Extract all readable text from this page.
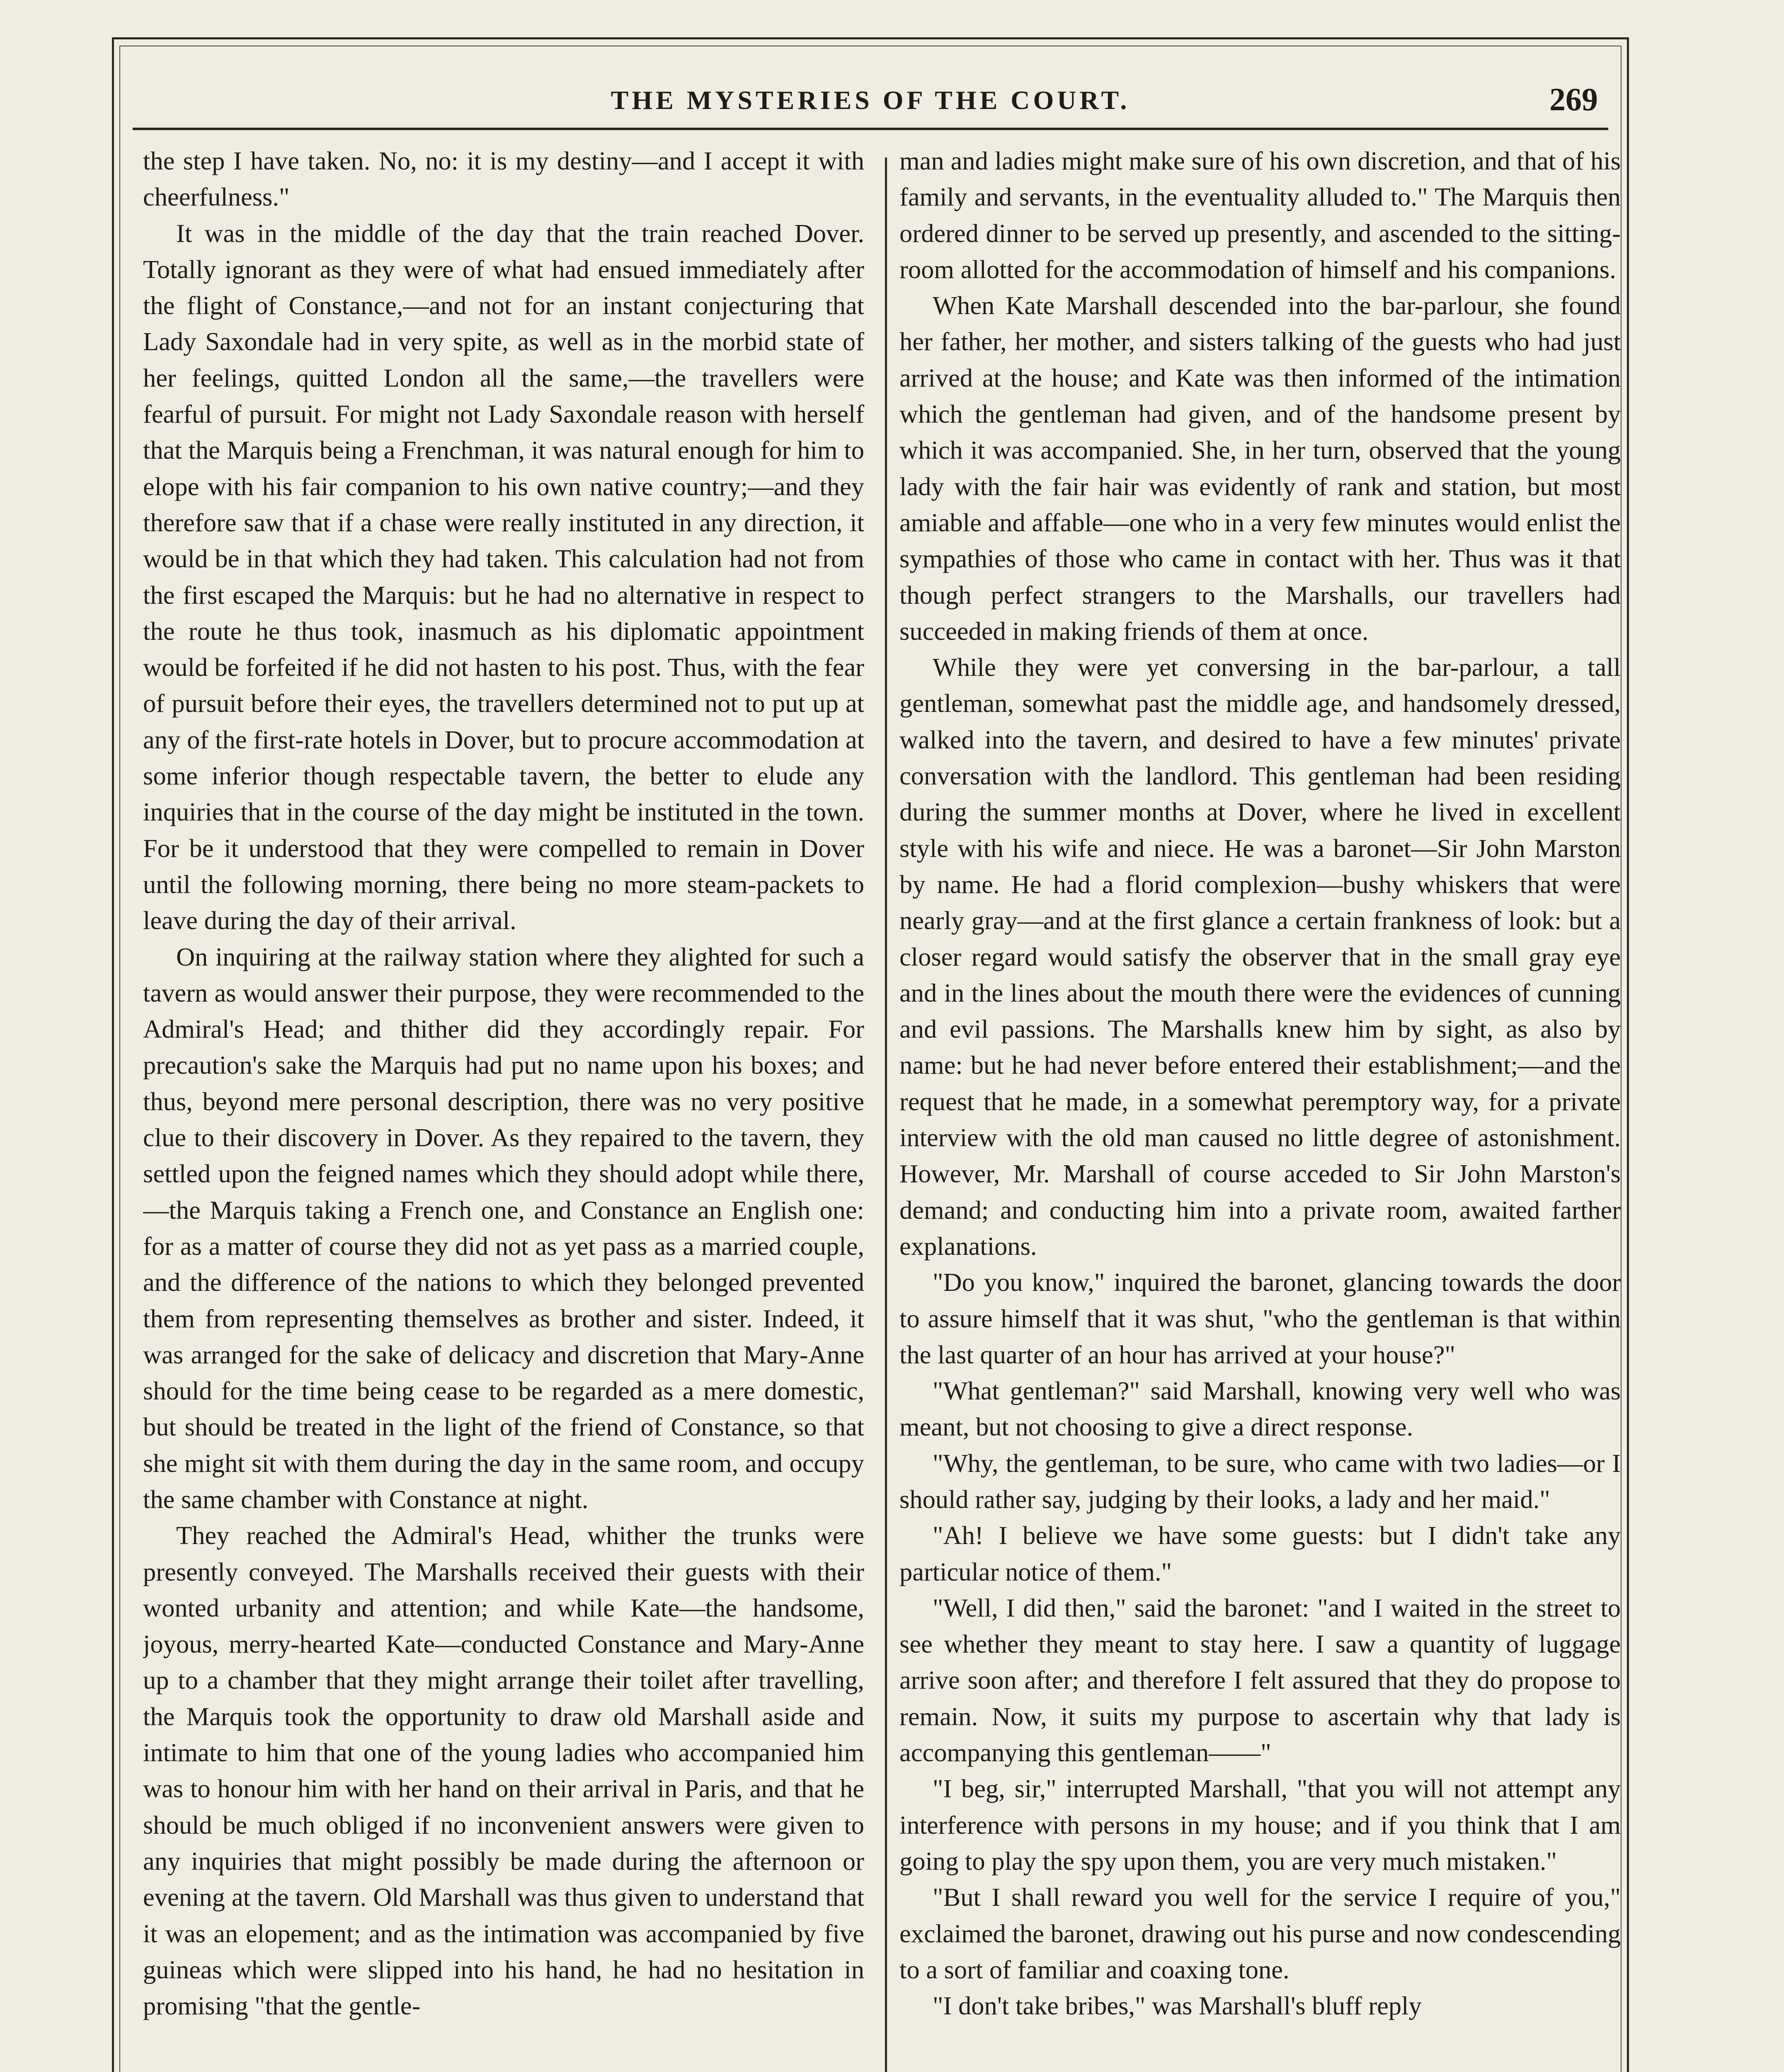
THE MYSTERIES OF THE COURT.	269

the step I have taken. No, no: it is my destiny—and I accept it with cheerfulness."

It was in the middle of the day that the train reached Dover. Totally ignorant as they were of what had ensued immediately after the flight of Constance,—and not for an instant conjecturing that Lady Saxondale had in very spite, as well as in the morbid state of her feelings, quitted London all the same,—the travellers were fearful of pursuit. For might not Lady Saxondale reason with herself that the Marquis being a Frenchman, it was natural enough for him to elope with his fair companion to his own native country;—and they therefore saw that if a chase were really instituted in any direction, it would be in that which they had taken. This calculation had not from the first escaped the Marquis: but he had no alternative in respect to the route he thus took, inasmuch as his diplomatic appointment would be forfeited if he did not hasten to his post. Thus, with the fear of pursuit before their eyes, the travellers determined not to put up at any of the first-rate hotels in Dover, but to procure accommodation at some inferior though respectable tavern, the better to elude any inquiries that in the course of the day might be instituted in the town. For be it understood that they were compelled to remain in Dover until the following morning, there being no more steam-packets to leave during the day of their arrival.

On inquiring at the railway station where they alighted for such a tavern as would answer their purpose, they were recommended to the Admiral's Head; and thither did they accordingly repair. For precaution's sake the Marquis had put no name upon his boxes; and thus, beyond mere personal description, there was no very positive clue to their discovery in Dover. As they repaired to the tavern, they settled upon the feigned names which they should adopt while there,—the Marquis taking a French one, and Constance an English one: for as a matter of course they did not as yet pass as a married couple, and the difference of the nations to which they belonged prevented them from representing themselves as brother and sister. Indeed, it was arranged for the sake of delicacy and discretion that Mary-Anne should for the time being cease to be regarded as a mere domestic, but should be treated in the light of the friend of Constance, so that she might sit with them during the day in the same room, and occupy the same chamber with Constance at night.

They reached the Admiral's Head, whither the trunks were presently conveyed. The Marshalls received their guests with their wonted urbanity and attention; and while Kate—the handsome, joyous, merry-hearted Kate—conducted Constance and Mary-Anne up to a chamber that they might arrange their toilet after travelling, the Marquis took the opportunity to draw old Marshall aside and intimate to him that one of the young ladies who accompanied him was to honour him with her hand on their arrival in Paris, and that he should be much obliged if no inconvenient answers were given to any inquiries that might possibly be made during the afternoon or evening at the tavern. Old Marshall was thus given to understand that it was an elopement; and as the intimation was accompanied by five guineas which were slipped into his hand, he had no hesitation in promising "that the gentle-

man and ladies might make sure of his own discretion, and that of his family and servants, in the eventuality alluded to." The Marquis then ordered dinner to be served up presently, and ascended to the sitting-room allotted for the accommodation of himself and his companions.

When Kate Marshall descended into the bar-parlour, she found her father, her mother, and sisters talking of the guests who had just arrived at the house; and Kate was then informed of the intimation which the gentleman had given, and of the handsome present by which it was accompanied. She, in her turn, observed that the young lady with the fair hair was evidently of rank and station, but most amiable and affable—one who in a very few minutes would enlist the sympathies of those who came in contact with her. Thus was it that though perfect strangers to the Marshalls, our travellers had succeeded in making friends of them at once.

While they were yet conversing in the bar-parlour, a tall gentleman, somewhat past the middle age, and handsomely dressed, walked into the tavern, and desired to have a few minutes' private conversation with the landlord. This gentleman had been residing during the summer months at Dover, where he lived in excellent style with his wife and niece. He was a baronet—Sir John Marston by name. He had a florid complexion—bushy whiskers that were nearly gray—and at the first glance a certain frankness of look: but a closer regard would satisfy the observer that in the small gray eye and in the lines about the mouth there were the evidences of cunning and evil passions. The Marshalls knew him by sight, as also by name: but he had never before entered their establishment;—and the request that he made, in a somewhat peremptory way, for a private interview with the old man caused no little degree of astonishment. However, Mr. Marshall of course acceded to Sir John Marston's demand; and conducting him into a private room, awaited farther explanations.

"Do you know," inquired the baronet, glancing towards the door to assure himself that it was shut, "who the gentleman is that within the last quarter of an hour has arrived at your house?"

"What gentleman?" said Marshall, knowing very well who was meant, but not choosing to give a direct response.

"Why, the gentleman, to be sure, who came with two ladies—or I should rather say, judging by their looks, a lady and her maid."

"Ah! I believe we have some guests: but I didn't take any particular notice of them."

"Well, I did then," said the baronet: "and I waited in the street to see whether they meant to stay here. I saw a quantity of luggage arrive soon after; and therefore I felt assured that they do propose to remain. Now, it suits my purpose to ascertain why that lady is accompanying this gentleman——"

"I beg, sir," interrupted Marshall, "that you will not attempt any interference with persons in my house; and if you think that I am going to play the spy upon them, you are very much mistaken."

"But I shall reward you well for the service I require of you," exclaimed the baronet, drawing out his purse and now condescending to a sort of familiar and coaxing tone.

"I don't take bribes," was Marshall's bluff reply
